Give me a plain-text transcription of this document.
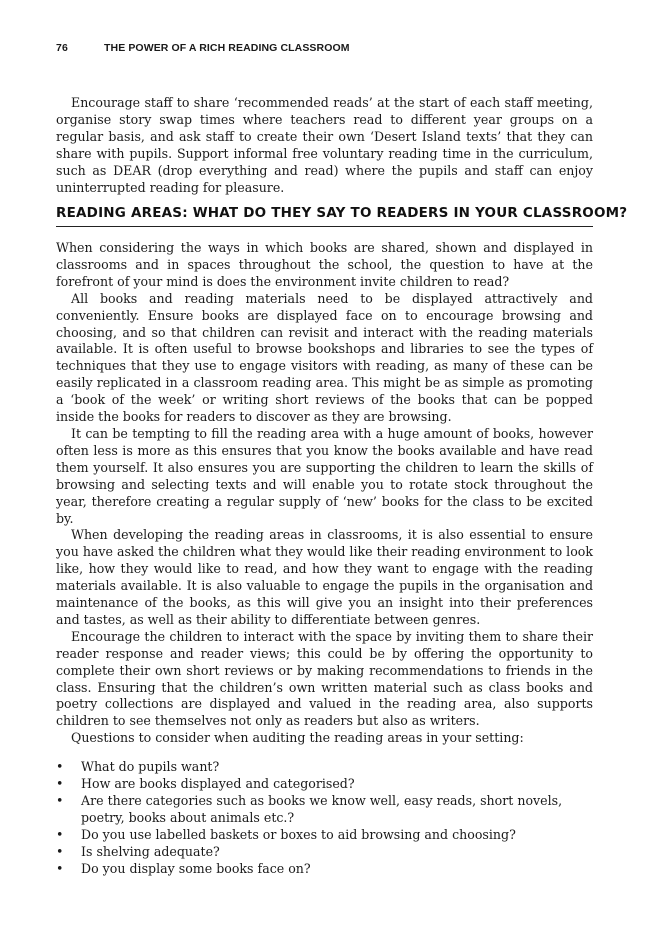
76	THE POWER OF A RICH READING CLASSROOM

Encourage staff to share ‘recommended reads’ at the start of each staff meeting, organise story swap times where teachers read to different year groups on a regular basis, and ask staff to create their own ‘Desert Island texts’ that they can share with pupils. Support informal free voluntary reading time in the curriculum, such as DEAR (drop everything and read) where the pupils and staff can enjoy uninterrupted reading for pleasure.

READING AREAS: WHAT DO THEY SAY TO READERS IN YOUR CLASSROOM?

When considering the ways in which books are shared, shown and displayed in classrooms and in spaces throughout the school, the question to have at the forefront of your mind is does the environment invite children to read?

All books and reading materials need to be displayed attractively and conveniently. Ensure books are displayed face on to encourage browsing and choosing, and so that children can revisit and interact with the reading materials available. It is often useful to browse bookshops and libraries to see the types of techniques that they use to engage visitors with reading, as many of these can be easily replicated in a classroom reading area. This might be as simple as promoting a ‘book of the week’ or writing short reviews of the books that can be popped inside the books for readers to discover as they are browsing.

It can be tempting to fill the reading area with a huge amount of books, however often less is more as this ensures that you know the books available and have read them yourself. It also ensures you are supporting the children to learn the skills of browsing and selecting texts and will enable you to rotate stock throughout the year, therefore creating a regular supply of ‘new’ books for the class to be excited by.

When developing the reading areas in classrooms, it is also essential to ensure you have asked the children what they would like their reading environment to look like, how they would like to read, and how they want to engage with the reading materials available. It is also valuable to engage the pupils in the organisation and maintenance of the books, as this will give you an insight into their preferences and tastes, as well as their ability to differentiate between genres.

Encourage the children to interact with the space by inviting them to share their reader response and reader views; this could be by offering the opportunity to complete their own short reviews or by making recommendations to friends in the class. Ensuring that the children’s own written material such as class books and poetry collections are displayed and valued in the reading area, also supports children to see themselves not only as readers but also as writers.

Questions to consider when auditing the reading areas in your setting:

• What do pupils want?
• How are books displayed and categorised?
• Are there categories such as books we know well, easy reads, short novels, poetry, books about animals etc.?
• Do you use labelled baskets or boxes to aid browsing and choosing?
• Is shelving adequate?
• Do you display some books face on?
